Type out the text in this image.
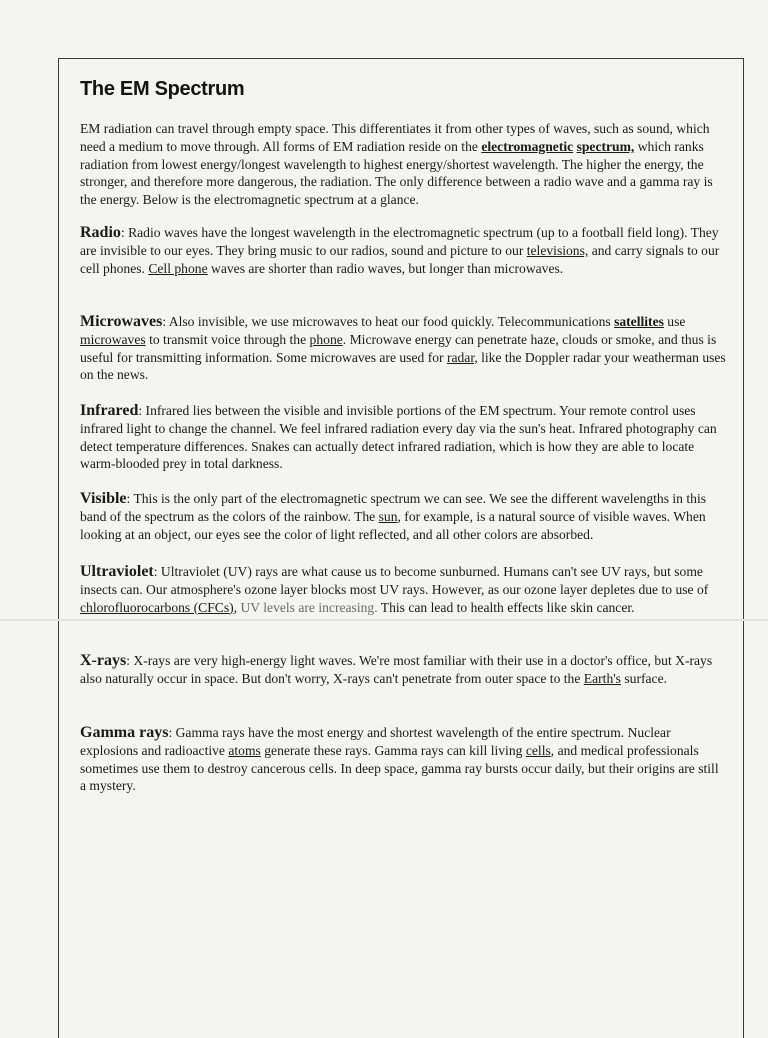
The EM Spectrum
EM radiation can travel through empty space. This differentiates it from other types of waves, such as sound, which need a medium to move through. All forms of EM radiation reside on the electromagnetic spectrum, which ranks radiation from lowest energy/longest wavelength to highest energy/shortest wavelength. The higher the energy, the stronger, and therefore more dangerous, the radiation. The only difference between a radio wave and a gamma ray is the energy. Below is the electromagnetic spectrum at a glance.
Radio: Radio waves have the longest wavelength in the electromagnetic spectrum (up to a football field long). They are invisible to our eyes. They bring music to our radios, sound and picture to our televisions, and carry signals to our cell phones. Cell phone waves are shorter than radio waves, but longer than microwaves.
Microwaves: Also invisible, we use microwaves to heat our food quickly. Telecommunications satellites use microwaves to transmit voice through the phone. Microwave energy can penetrate haze, clouds or smoke, and thus is useful for transmitting information. Some microwaves are used for radar, like the Doppler radar your weatherman uses on the news.
Infrared: Infrared lies between the visible and invisible portions of the EM spectrum. Your remote control uses infrared light to change the channel. We feel infrared radiation every day via the sun's heat. Infrared photography can detect temperature differences. Snakes can actually detect infrared radiation, which is how they are able to locate warm-blooded prey in total darkness.
Visible: This is the only part of the electromagnetic spectrum we can see. We see the different wavelengths in this band of the spectrum as the colors of the rainbow. The sun, for example, is a natural source of visible waves. When looking at an object, our eyes see the color of light reflected, and all other colors are absorbed.
Ultraviolet: Ultraviolet (UV) rays are what cause us to become sunburned. Humans can't see UV rays, but some insects can. Our atmosphere's ozone layer blocks most UV rays. However, as our ozone layer depletes due to use of chlorofluorocarbons (CFCs), UV levels are increasing. This can lead to health effects like skin cancer.
X-rays: X-rays are very high-energy light waves. We're most familiar with their use in a doctor's office, but X-rays also naturally occur in space. But don't worry, X-rays can't penetrate from outer space to the Earth's surface.
Gamma rays: Gamma rays have the most energy and shortest wavelength of the entire spectrum. Nuclear explosions and radioactive atoms generate these rays. Gamma rays can kill living cells, and medical professionals sometimes use them to destroy cancerous cells. In deep space, gamma ray bursts occur daily, but their origins are still a mystery.
